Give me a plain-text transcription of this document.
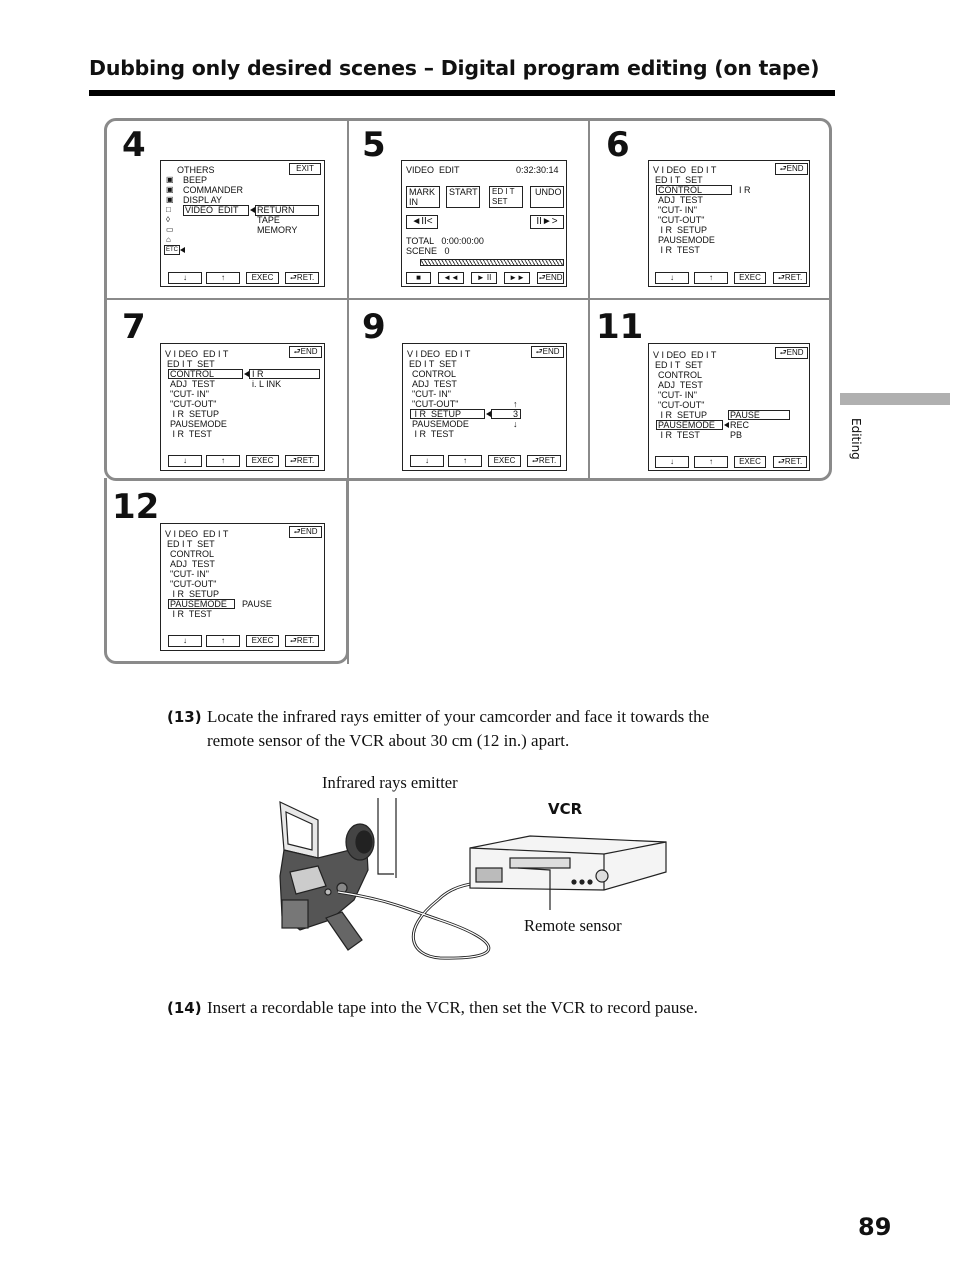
Dubbing only desired scenes – Digital program editing (on tape)
Editing
4	5	6
7	9	11
12
EXIT
OTHERS
▣
▣
▣
□
◊
▭
⌂
BEEP
COMMANDER
DISPL AY
VIDEO  EDIT RETURN
TAPE
MEMORY
ETC
↓	↑	EXEC	⮐RET.
VIDEO  EDIT	0:32:30:14
MARK
IN
START ED I T
SET
UNDO
◄II<	II►>
TOTAL   0:00:00:00
SCENE   0
■	◄◄	► II	►►	⮐END
⮐END
V I DEO  ED I T
ED I T  SET
CONTROL
ADJ  TEST
"CUT- IN"
"CUT-OUT"
I R  SETUP
PAUSEMODE
I R  TEST
I R
↓	↑	EXEC	⮐RET.
⮐END
V I DEO  ED I T
ED I T  SET
CONTROL
ADJ  TEST
"CUT- IN"
"CUT-OUT"
I R  SETUP
PAUSEMODE
I R  TEST
I R
i. L INK
↓	↑	EXEC	⮐RET.
⮐END
V I DEO  ED I T
ED I T  SET
CONTROL
ADJ  TEST
"CUT- IN"
"CUT-OUT"
I R  SETUP
PAUSEMODE
I R  TEST
3
↑
↓
↓	↑	EXEC	⮐RET.
⮐END
V I DEO  ED I T
ED I T  SET
CONTROL
ADJ  TEST
"CUT- IN"
"CUT-OUT"
I R  SETUP
PAUSEMODE
I R  TEST
PAUSE
REC
PB
↓	↑	EXEC	⮐RET.
⮐END
V I DEO  ED I T
ED I T  SET
CONTROL
ADJ  TEST
"CUT- IN"
"CUT-OUT"
I R  SETUP
PAUSEMODE
I R  TEST
PAUSE
↓	↑	EXEC	⮐RET.
(13) Locate the infrared rays emitter of your camcorder and face it towards the
remote sensor of the VCR about 30 cm (12 in.) apart.
Infrared rays emitter
VCR
Remote sensor
(14) Insert a recordable tape into the VCR, then set the VCR to record pause.
89
